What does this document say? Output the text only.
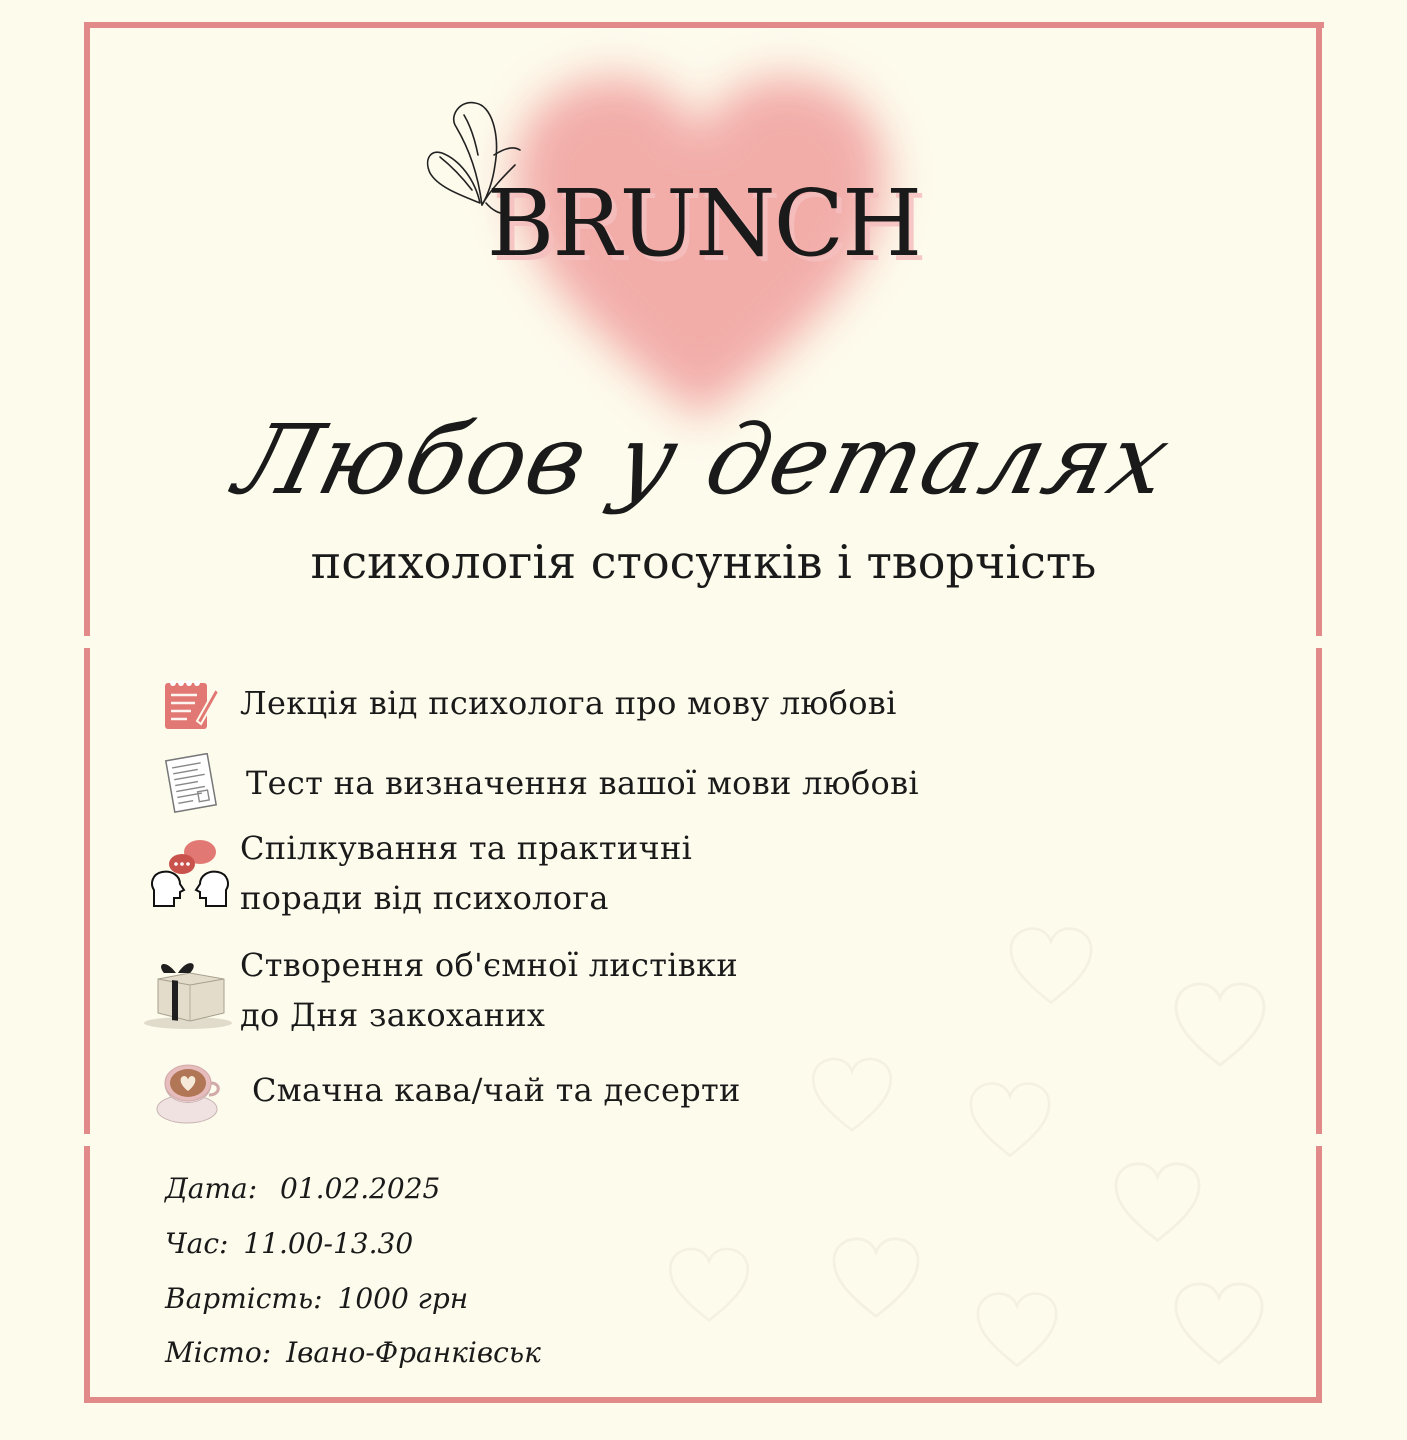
BRUNCH
Любов у деталях
психологія стосунків і творчість
Лекція від психолога про мову любові
Тест на визначення вашої мови любові
Спілкування та практичні
поради від психолога
Створення об'ємної листівки
до Дня закоханих
Смачна кава/чай та десерти
Дата: 01.02.2025
Час: 11.00-13.30
Вартість: 1000 грн
Місто: Івано-Франківськ
